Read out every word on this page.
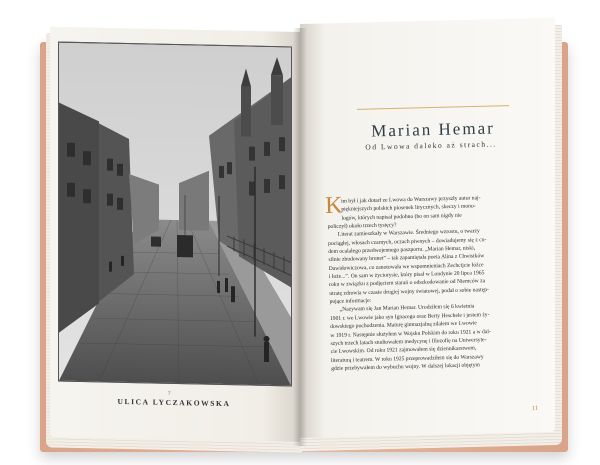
7
ULICA LYCZAKOWSKA
Marian Hemar
Od Lwowa daleko aż strach...
K
im był i jak dotarł ze Lwowa do Warszawy przyszły autor naj-
piękniejszych polskich piosenek lirycznych, skeczy i mono-
logów, których napisał podobno (bo on sam nigdy nie
policzył) około trzech tysięcy?
Literat zamieszkały w Warszawie. Średniego wzrostu, o twarzy
pociągłej, włosach czarnych, oczach piwnych – dowiadujemy się z cu-
dem ocalałego przedwojennego paszportu. „Marian Hemar, niski,
silnie zbudowany brunet” – tak zapamiętała poeta Alina z Chwistków
Dawidowiczowa, co zanotowała we wspomnieniach Zechcijcie łóżce
i łoże...”. On sam w życiorysie, który pisał w Londynie 20 lipca 1965
roku w związku z podjęciem starań o odszkodowanie od Niemców za
utratę zdrowia w czasie drugiej wojny światowej, podał o sobie następ-
pujące informacje:
„Nazywam się Jan Marian Hemar. Urodziłem się 6 kwietnia
1901 r. we Lwowie jako syn Ignacego oraz Berty Heschele i jestem ży-
dowskiego pochodzenia. Maturę gimnazjalną zdałem we Lwowie
w 1919 r. Następnie służyłem w Wojsku Polskim do roku 1921 a w dal-
szych trzech latach studiowałem medycynę i filozofię na Uniwersyte-
cie Lwowskim. Od roku 1921 zajmowałem się dziennikarstwem,
literaturą i teatrem. W roku 1925 przeprowadziłem się do Warszawy
gdzie przebywałem do wybuchu wojny. W dalszej lokacji objętym
11
